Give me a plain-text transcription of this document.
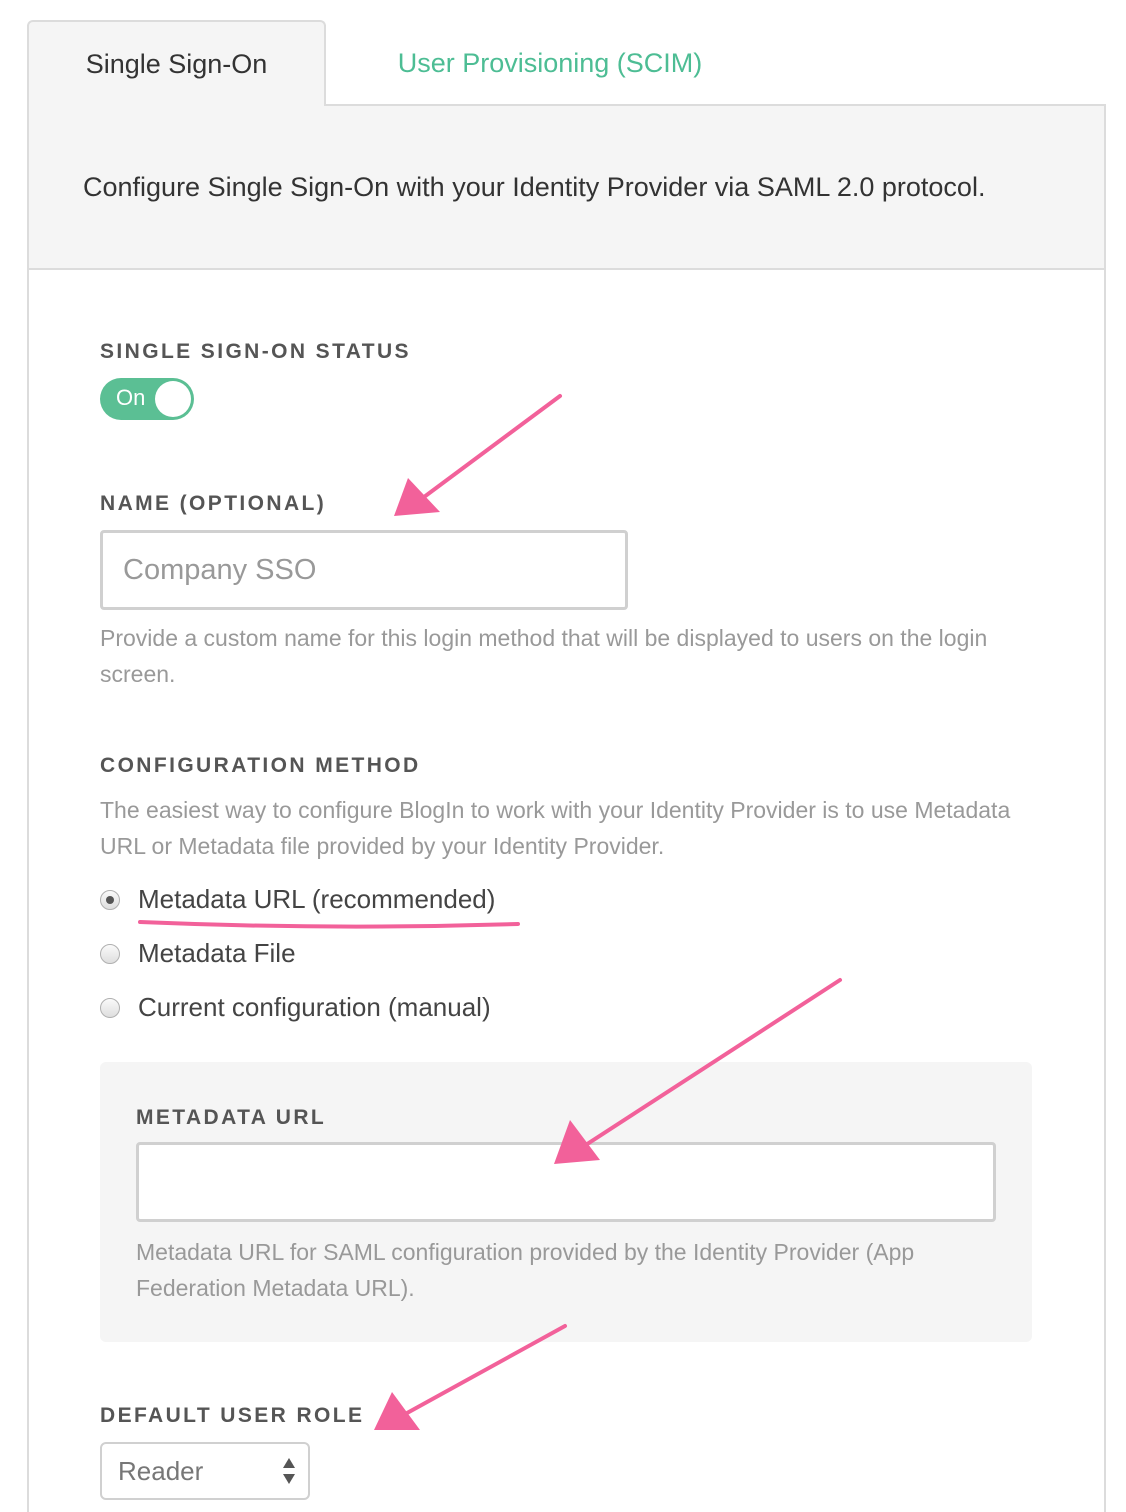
Single Sign-On	User Provisioning (SCIM)
Configure Single Sign-On with your Identity Provider via SAML 2.0 protocol.
SINGLE SIGN-ON STATUS
On
NAME (OPTIONAL)
Company SSO
Provide a custom name for this login method that will be displayed to users on the login screen.
CONFIGURATION METHOD
The easiest way to configure BlogIn to work with your Identity Provider is to use Metadata URL or Metadata file provided by your Identity Provider.
Metadata URL (recommended)
Metadata File
Current configuration (manual)
METADATA URL
Metadata URL for SAML configuration provided by the Identity Provider (App Federation Metadata URL).
DEFAULT USER ROLE
Reader
